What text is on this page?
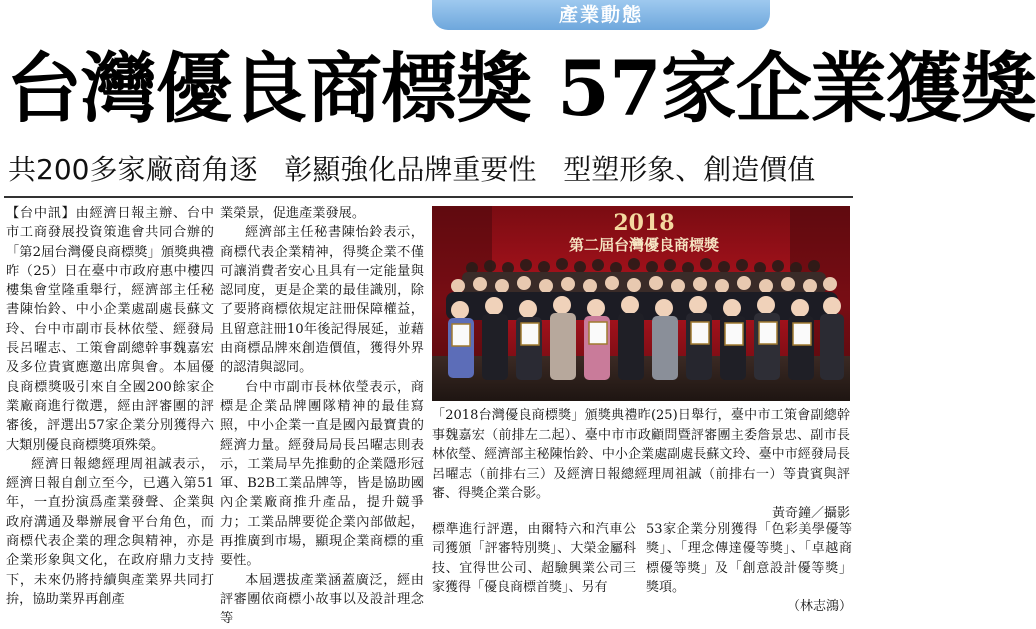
產業動態
台灣優良商標獎 57家企業獲獎
共200多家廠商角逐 彰顯強化品牌重要性 型塑形象、創造價值

【台中訊】由經濟日報主辦、台中市工商發展投資策進會共同合辦的「第2屆台灣優良商標獎」頒獎典禮昨（25）日在臺中市政府惠中樓四樓集會堂隆重舉行，經濟部主任秘書陳怡鈴、中小企業處副處長蘇文玲、台中市副市長林依瑩、經發局長呂曜志、工策會副總幹事魏嘉宏及多位貴賓應邀出席與會。本屆優良商標獎吸引來自全國200餘家企業廠商進行徵選，經由評審團的評審後，評選出57家企業分別獲得六大類別優良商標獎項殊榮。

經濟日報總經理周祖誠表示，經濟日報自創立至今，已邁入第51年，一直扮演爲產業發聲、企業與政府溝通及舉辦展會平台角色，而商標代表企業的理念與精神，亦是企業形象與文化，在政府鼎力支持下，未來仍將持續與產業界共同打拚，協助業界再創產

業榮景，促進產業發展。

經濟部主任秘書陳怡鈴表示，商標代表企業精神，得獎企業不僅可讓消費者安心且具有一定能量與認同度，更是企業的最佳識別，除了要將商標依規定註冊保障權益，且留意註冊10年後記得展延，並藉由商標品牌來創造價值，獲得外界的認清與認同。

台中市副市長林依瑩表示，商標是企業品牌團隊精神的最佳寫照，中小企業一直是國內最寶貴的經濟力量。經發局局長呂曜志則表示，工業局早先推動的企業隱形冠軍、B2B工業品牌等，皆是協助國內企業廠商推升產品，提升競爭力；工業品牌要從企業內部做起，再推廣到市場，顯現企業商標的重要性。

本屆選拔產業涵蓋廣泛，經由評審團依商標小故事以及設計理念等

2018
第二屆台灣優良商標獎
「2018台灣優良商標獎」頒獎典禮昨(25)日舉行，臺中市工策會副總幹事魏嘉宏（前排左二起）、臺中市市政顧問暨評審團主委詹景忠、副市長林依瑩、經濟部主秘陳怡鈴、中小企業處副處長蘇文玲、臺中市經發局長呂曜志（前排右三）及經濟日報總經理周祖誠（前排右一）等貴賓與評審、得獎企業合影。
黃奇鐘／攝影
標準進行評選，由爾特六和汽車公司獲頒「評審特別獎」、大榮金屬科技、宜得世公司、超驗興業公司三家獲得「優良商標首獎」、另有
53家企業分別獲得「色彩美學優等獎」、「理念傳達優等獎」、「卓越商標優等獎」及「創意設計優等獎」獎項。
（林志鴻）
